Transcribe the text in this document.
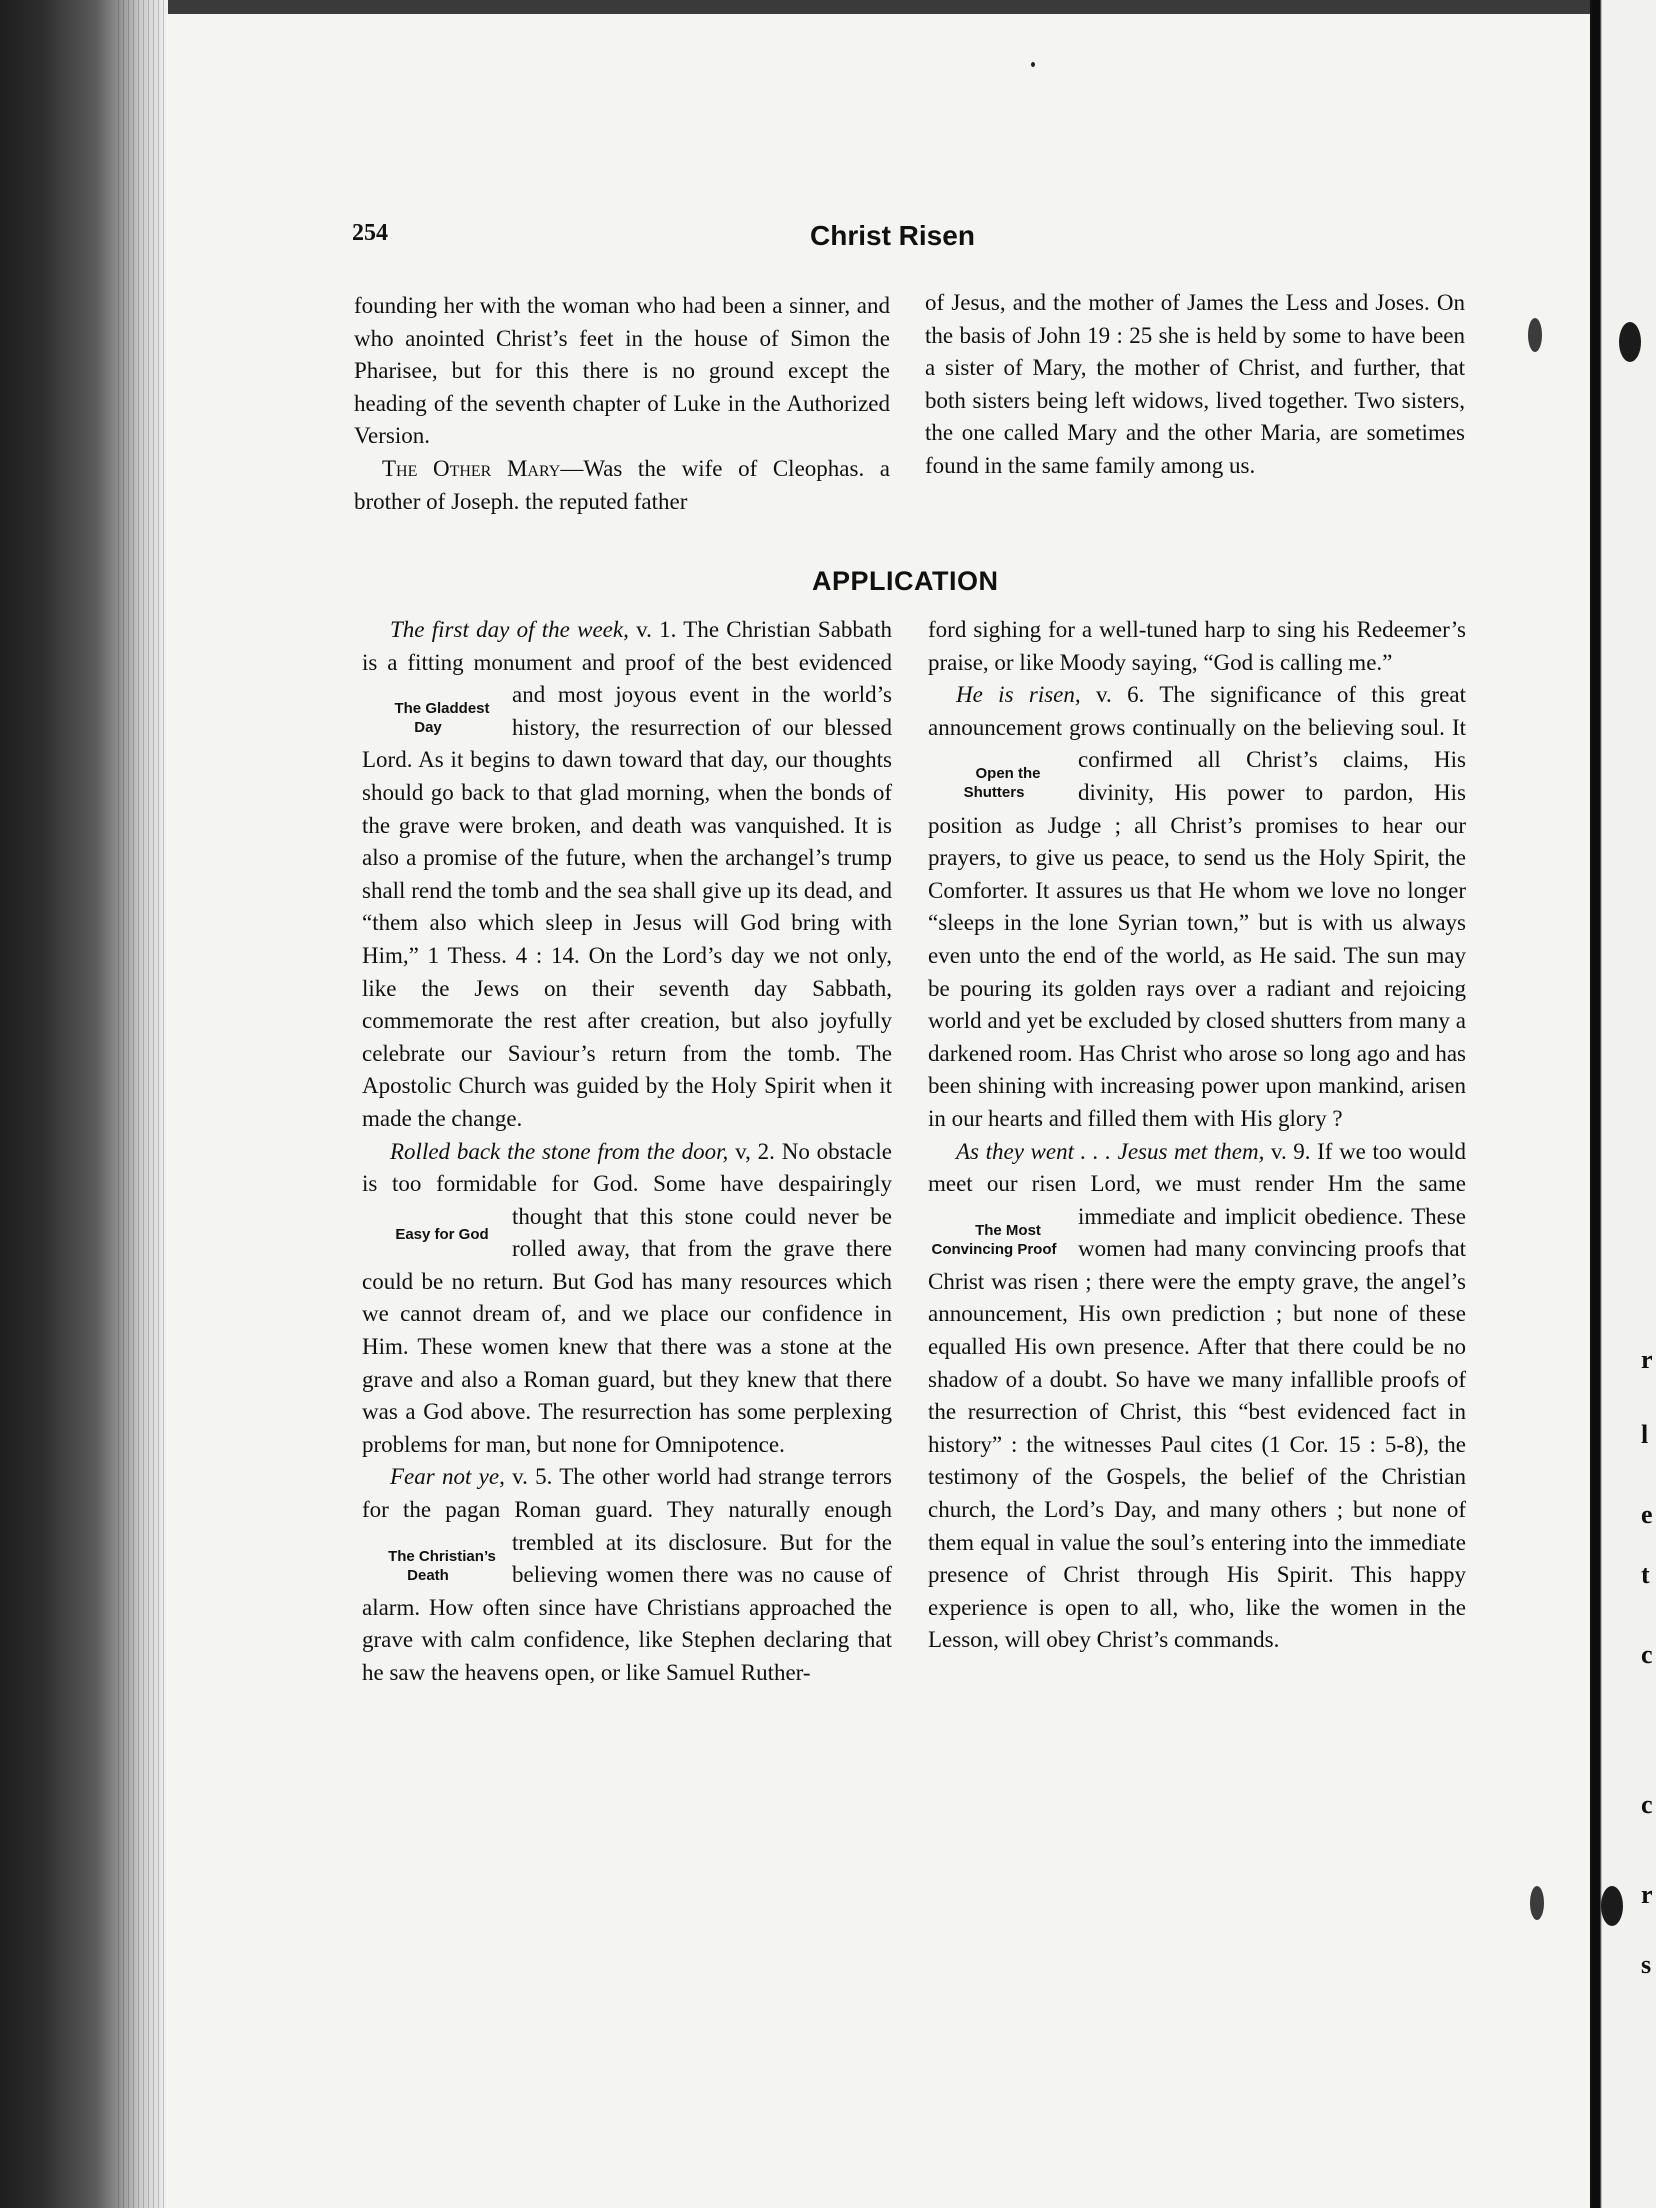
r
l
e
t
c
c
r
s
254	Christ Risen

founding her with the woman who had been a sinner, and who anointed Christ’s feet in the house of Simon the Pharisee, but for this there is no ground except the heading of the seventh chapter of Luke in the Authorized Version.

The Other Mary—Was the wife of Cleophas. a brother of Joseph. the reputed father

of Jesus, and the mother of James the Less and Joses. On the basis of John 19 : 25 she is held by some to have been a sister of Mary, the mother of Christ, and further, that both sisters being left widows, lived together. Two sisters, the one called Mary and the other Maria, are sometimes found in the same family among us.

APPLICATION

The first day of the week, v. 1. The Christian Sabbath is a fitting monument and proof of the best evidenced and most joyous
The Gladdest Day
event in the world’s history, the resurrection of our blessed Lord. As it begins to dawn toward that day, our thoughts should go back to that glad morning, when the bonds of the grave were broken, and death was vanquished. It is also a promise of the future, when the archangel’s trump shall rend the tomb and the sea shall give up its dead, and “them also which sleep in Jesus will God bring with Him,” 1 Thess. 4 : 14. On the Lord’s day we not only, like the Jews on their seventh day Sabbath, commemorate the rest after creation, but also joyfully celebrate our Saviour’s return from the tomb. The Apostolic Church was guided by the Holy Spirit when it made the change.

Rolled back the stone from the door, v, 2. No obstacle is too formidable for God. Some have despairingly thought that this stone
Easy for God
could never be rolled away, that from the grave there could be no return. But God has many resources which we cannot dream of, and we place our confidence in Him. These women knew that there was a stone at the grave and also a Roman guard, but they knew that there was a God above. The resurrection has some perplexing problems for man, but none for Omnipotence.

Fear not ye, v. 5. The other world had strange terrors for the pagan Roman guard. They naturally enough trembled at its
The Christian’s Death
disclosure. But for the believing women there was no cause of alarm. How often since have Christians approached the grave with calm confidence, like Stephen declaring that he saw the heavens open, or like Samuel Ruther-

ford sighing for a well-tuned harp to sing his Redeemer’s praise, or like Moody saying, “God is calling me.”

He is risen, v. 6. The significance of this great announcement grows continually on the believing soul. It confirmed all Christ’s
Open the Shutters
claims, His divinity, His power to pardon, His position as Judge ; all Christ’s promises to hear our prayers, to give us peace, to send us the Holy Spirit, the Comforter. It assures us that He whom we love no longer “sleeps in the lone Syrian town,” but is with us always even unto the end of the world, as He said. The sun may be pouring its golden rays over a radiant and rejoicing world and yet be excluded by closed shutters from many a darkened room. Has Christ who arose so long ago and has been shining with increasing power upon mankind, arisen in our hearts and filled them with His glory ?

As they went . . . Jesus met them, v. 9. If we too would meet our risen Lord, we must render Hm the same immediate and implicit
The Most Convincing Proof
obedience. These women had many convincing proofs that Christ was risen ; there were the empty grave, the angel’s announcement, His own prediction ; but none of these equalled His own presence. After that there could be no shadow of a doubt. So have we many infallible proofs of the resurrection of Christ, this “best evidenced fact in history” : the witnesses Paul cites (1 Cor. 15 : 5-8), the testimony of the Gospels, the belief of the Christian church, the Lord’s Day, and many others ; but none of them equal in value the soul’s entering into the immediate presence of Christ through His Spirit. This happy experience is open to all, who, like the women in the Lesson, will obey Christ’s commands.
